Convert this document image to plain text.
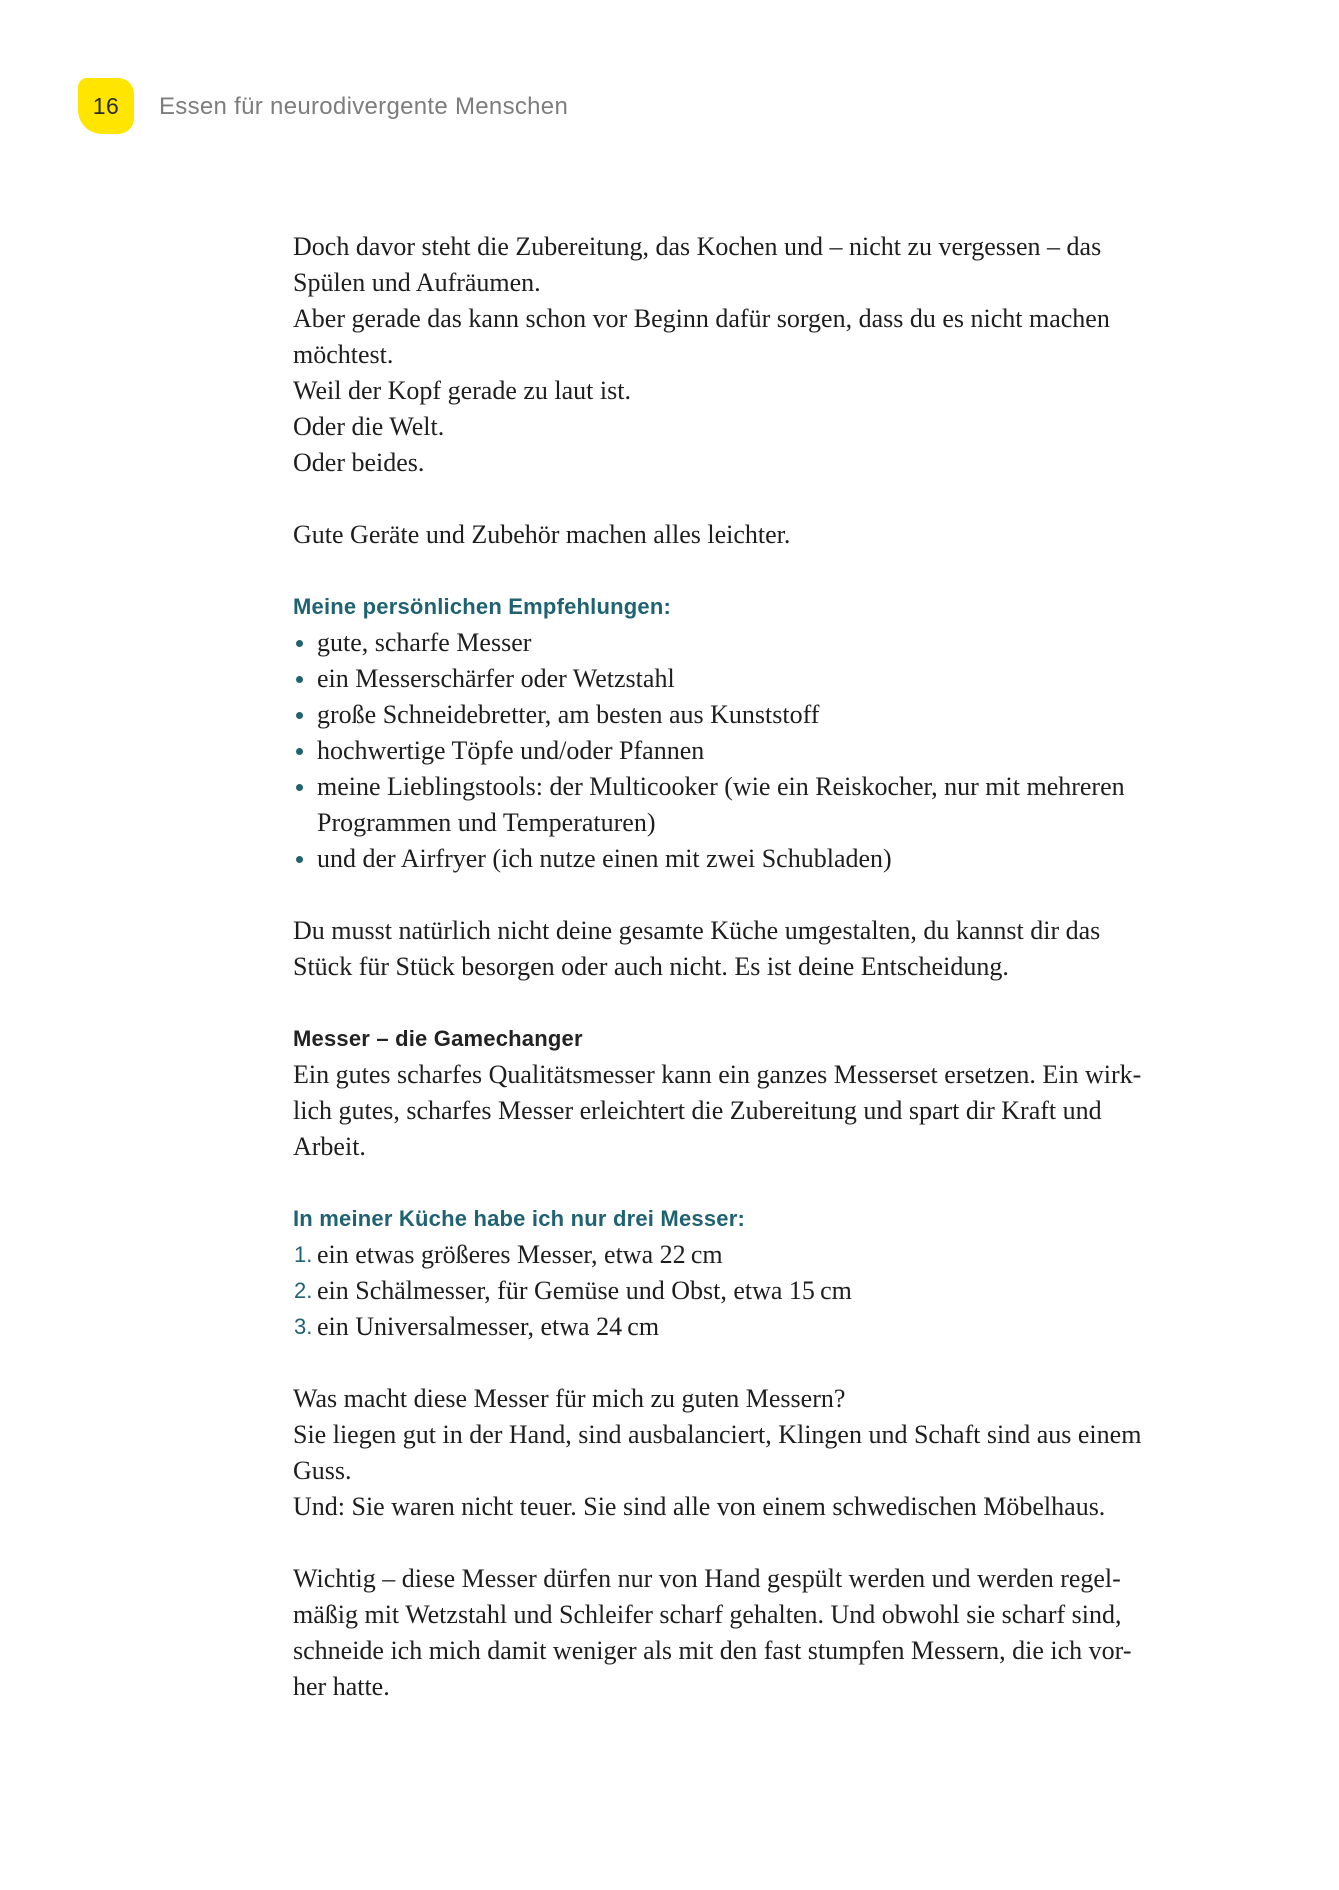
16 Essen für neurodivergente Menschen
Doch davor steht die Zubereitung, das Kochen und – nicht zu vergessen – das
Spülen und Aufräumen.
Aber gerade das kann schon vor Beginn dafür sorgen, dass du es nicht machen
möchtest.
Weil der Kopf gerade zu laut ist.
Oder die Welt.
Oder beides.
Gute Geräte und Zubehör machen alles leichter.
Meine persönlichen Empfehlungen:
gute, scharfe Messer
ein Messerschärfer oder Wetzstahl
große Schneidebretter, am besten aus Kunststoff
hochwertige Töpfe und/oder Pfannen
meine Lieblingstools: der Multicooker (wie ein Reiskocher, nur mit mehreren
Programmen und Temperaturen)
und der Airfryer (ich nutze einen mit zwei Schubladen)
Du musst natürlich nicht deine gesamte Küche umgestalten, du kannst dir das
Stück für Stück besorgen oder auch nicht. Es ist deine Entscheidung.
Messer – die Gamechanger
Ein gutes scharfes Qualitätsmesser kann ein ganzes Messerset ersetzen. Ein wirk-
lich gutes, scharfes Messer erleichtert die Zubereitung und spart dir Kraft und
Arbeit.
In meiner Küche habe ich nur drei Messer:
1. ein etwas größeres Messer, etwa 22 cm
2. ein Schälmesser, für Gemüse und Obst, etwa 15 cm
3. ein Universalmesser, etwa 24 cm
Was macht diese Messer für mich zu guten Messern?
Sie liegen gut in der Hand, sind ausbalanciert, Klingen und Schaft sind aus einem
Guss.
Und: Sie waren nicht teuer. Sie sind alle von einem schwedischen Möbelhaus.
Wichtig – diese Messer dürfen nur von Hand gespült werden und werden regel-
mäßig mit Wetzstahl und Schleifer scharf gehalten. Und obwohl sie scharf sind,
schneide ich mich damit weniger als mit den fast stumpfen Messern, die ich vor-
her hatte.
